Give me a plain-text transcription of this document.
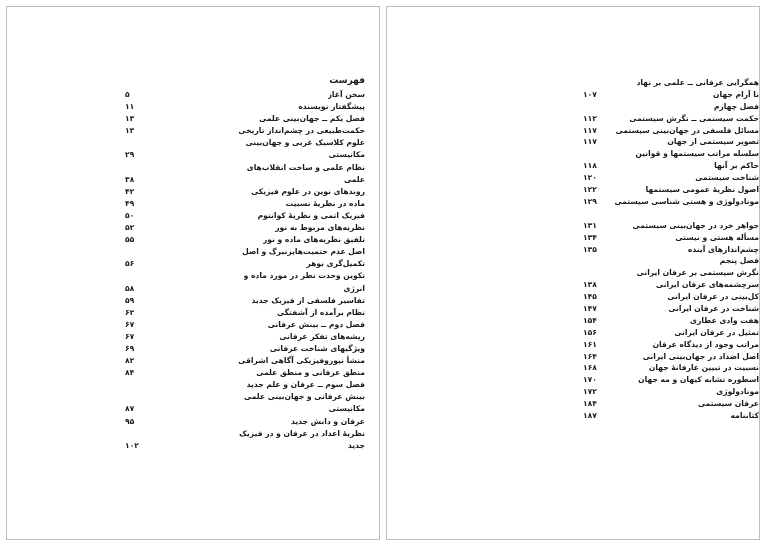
فهرست
سخن آغاز
۵
پیشگفتار نویسنده
۱۱
فصل یکم ــ جهان‌بینی علمی
۱۳
حکمت‌طبیعی در چشم‌انداز تاریخی
۱۳
علوم کلاسیک غربی و جهان‌بینی
مکانیستی
۲۹
نظام علمی و ساخت انقلاب‌های
علمی
۳۸
روندهای نوین در علوم فیزیکی
۴۲
ماده در نظریهٔ نسبیت
۴۹
فیزیک اتمی و نظریهٔ کوانتوم
۵۰
نظریه‌های مربوط به نور
۵۲
تلفیق نظریه‌های ماده و نور
۵۵
اصل عدم حتمیت‌هایزنبرگ و اصل
تکمیل‌گری بوهر
۵۶
تکوین وحدت نظر در مورد ماده و
انرژی
۵۸
تفاسیر فلسفی از فیزیک جدید
۵۹
نظام برآمده از آشفتگی
۶۲
فصل دوم ــ بینش عرفانی
۶۷
ریشه‌های تفکر عرفانی
۶۷
ویژگیهای شناخت عرفانی
۶۹
منشأ نیوروفیزیکی آگاهی اشراقی
۸۲
منطق عرفانی و منطق علمی
۸۴
فصل سوم ــ عرفان و علم جدید
بینش عرفانی و جهان‌بینی علمی
مکانیستی
۸۷
عرفان و دانش جدید
۹۵
نظریهٔ اعداد در عرفان و در فیزیک
جدید
۱۰۲
همگرایی عرفانی ــ علمی بر نهاد
نا آرام جهان
۱۰۷
فصل چهارم
حکمت سیستمی ــ نگرش سیستمی
۱۱۲
مسائل فلسفی در جهان‌بینی سیستمی
۱۱۷
تصویر سیستمی از جهان
۱۱۷
سلسله مراتب سیستمها و قوانین
حاکم بر آنها
۱۱۸
شناخت سیستمی
۱۲۰
اصول نظریهٔ عمومی سیستمها
۱۲۲
مونادولوژی و هستی شناسی سیستمی
۱۲۹
جواهر خرد در جهان‌بینی سیستمی
۱۳۱
مسأله هستی و نیستی
۱۳۴
چشم‌اندازهای آینده
۱۳۵
فصل پنجم
نگرش سیستمی بر عرفان ایرانی
سرچشمه‌های عرفان ایرانی
۱۳۸
کل‌بینی در عرفان ایرانی
۱۴۵
شناخت در عرفان ایرانی
۱۴۷
هفت وادی عطاری
۱۵۴
تمثیل در عرفان ایرانی
۱۵۶
مراتب وجود از دیدگاه عرفان
۱۶۱
اصل اضداد در جهان‌بینی ایرانی
۱۶۴
نسبیت در تبیین عارفانهٔ جهان
۱۶۸
اسطوره تشابه کیهان و مه جهان
۱۷۰
مونادولوژی
۱۷۲
عرفان سیستمی
۱۸۴
کتابنامه
۱۸۷
